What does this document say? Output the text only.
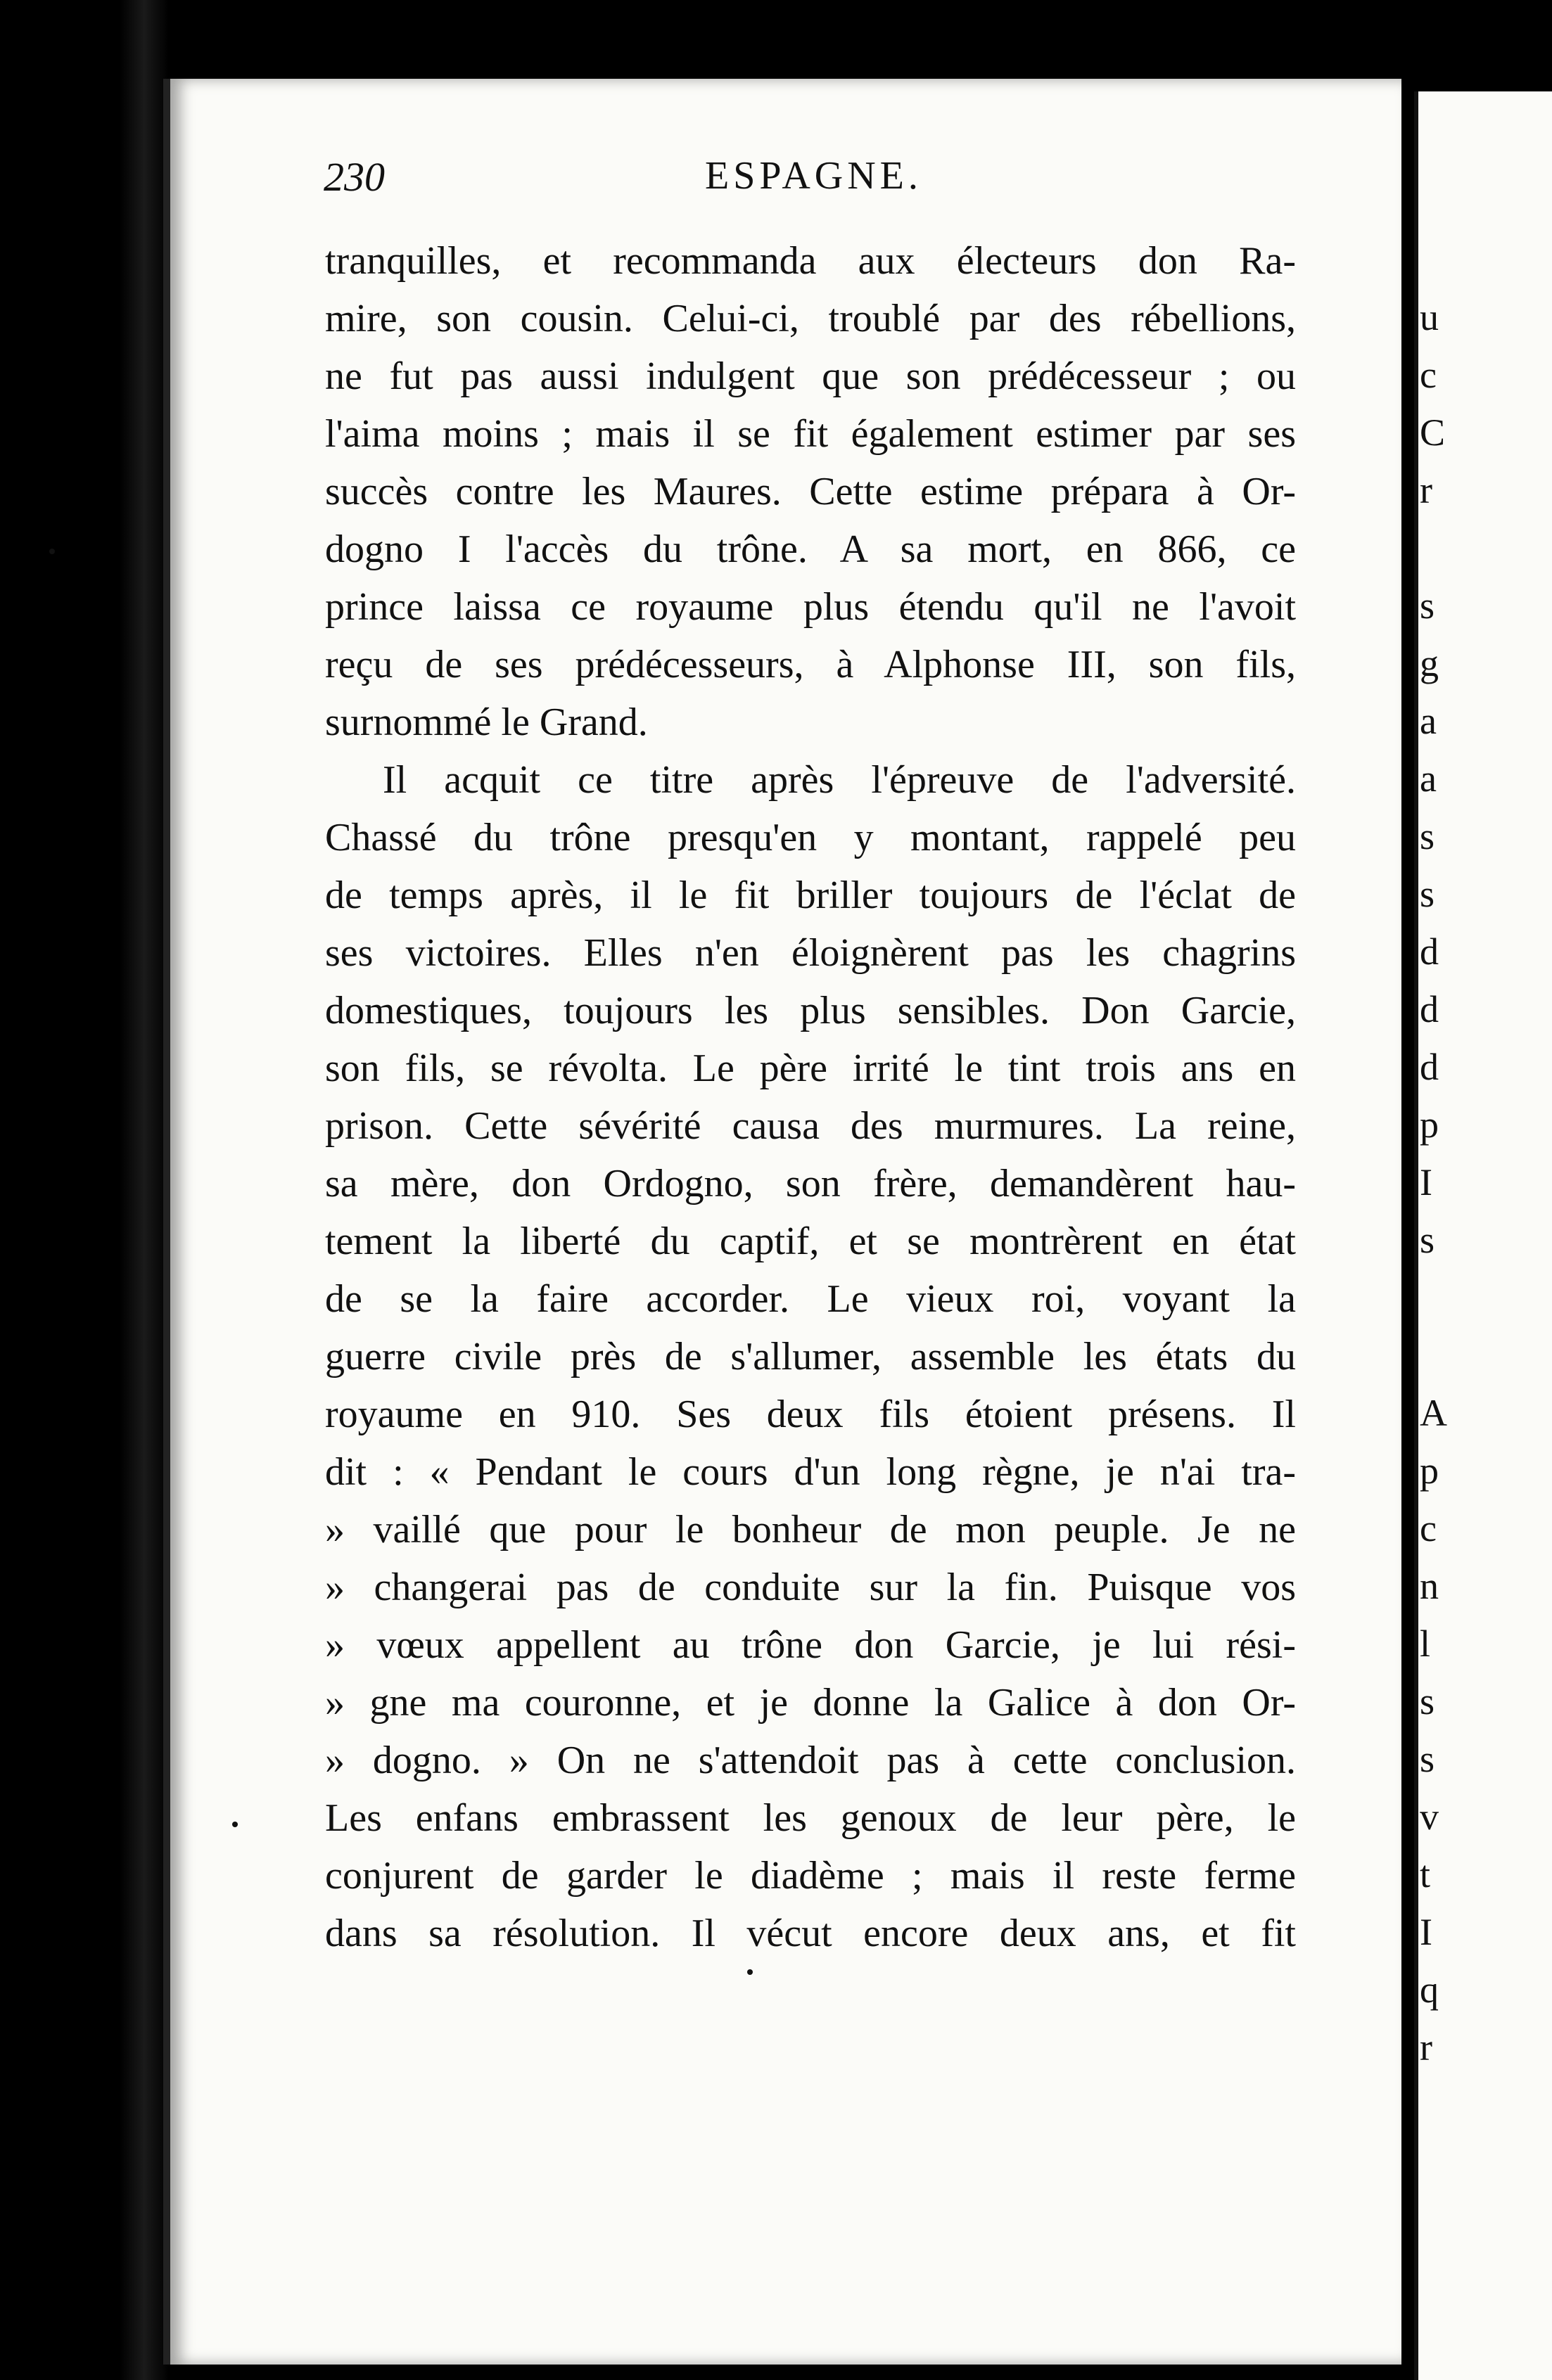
230	ESPAGNE.
tranquilles, et recommanda aux électeurs don Ra-
mire, son cousin. Celui-ci, troublé par des rébellions,
ne fut pas aussi indulgent que son prédécesseur ; ou
l'aima moins ; mais il se fit également estimer par ses
succès contre les Maures. Cette estime prépara à Or-
dogno I l'accès du trône. A sa mort, en 866, ce
prince laissa ce royaume plus étendu qu'il ne l'avoit
reçu de ses prédécesseurs, à Alphonse III, son fils,
surnommé le Grand.
Il acquit ce titre après l'épreuve de l'adversité.
Chassé du trône presqu'en y montant, rappelé peu
de temps après, il le fit briller toujours de l'éclat de
ses victoires. Elles n'en éloignèrent pas les chagrins
domestiques, toujours les plus sensibles. Don Garcie,
son fils, se révolta. Le père irrité le tint trois ans en
prison. Cette sévérité causa des murmures. La reine,
sa mère, don Ordogno, son frère, demandèrent hau-
tement la liberté du captif, et se montrèrent en état
de se la faire accorder. Le vieux roi, voyant la
guerre civile près de s'allumer, assemble les états du
royaume en 910. Ses deux fils étoient présens. Il
dit : « Pendant le cours d'un long règne, je n'ai tra-
» vaillé que pour le bonheur de mon peuple. Je ne
» changerai pas de conduite sur la fin. Puisque vos
» vœux appellent au trône don Garcie, je lui rési-
» gne ma couronne, et je donne la Galice à don Or-
» dogno. » On ne s'attendoit pas à cette conclusion.
Les enfans embrassent les genoux de leur père, le
conjurent de garder le diadème ; mais il reste ferme
dans sa résolution. Il vécut encore deux ans, et fit
u
c
C
r
s
g
a
a
s
s
d
d
d
p
I
s
A
p
c
n
l
s
s
v
t
I
q
r
